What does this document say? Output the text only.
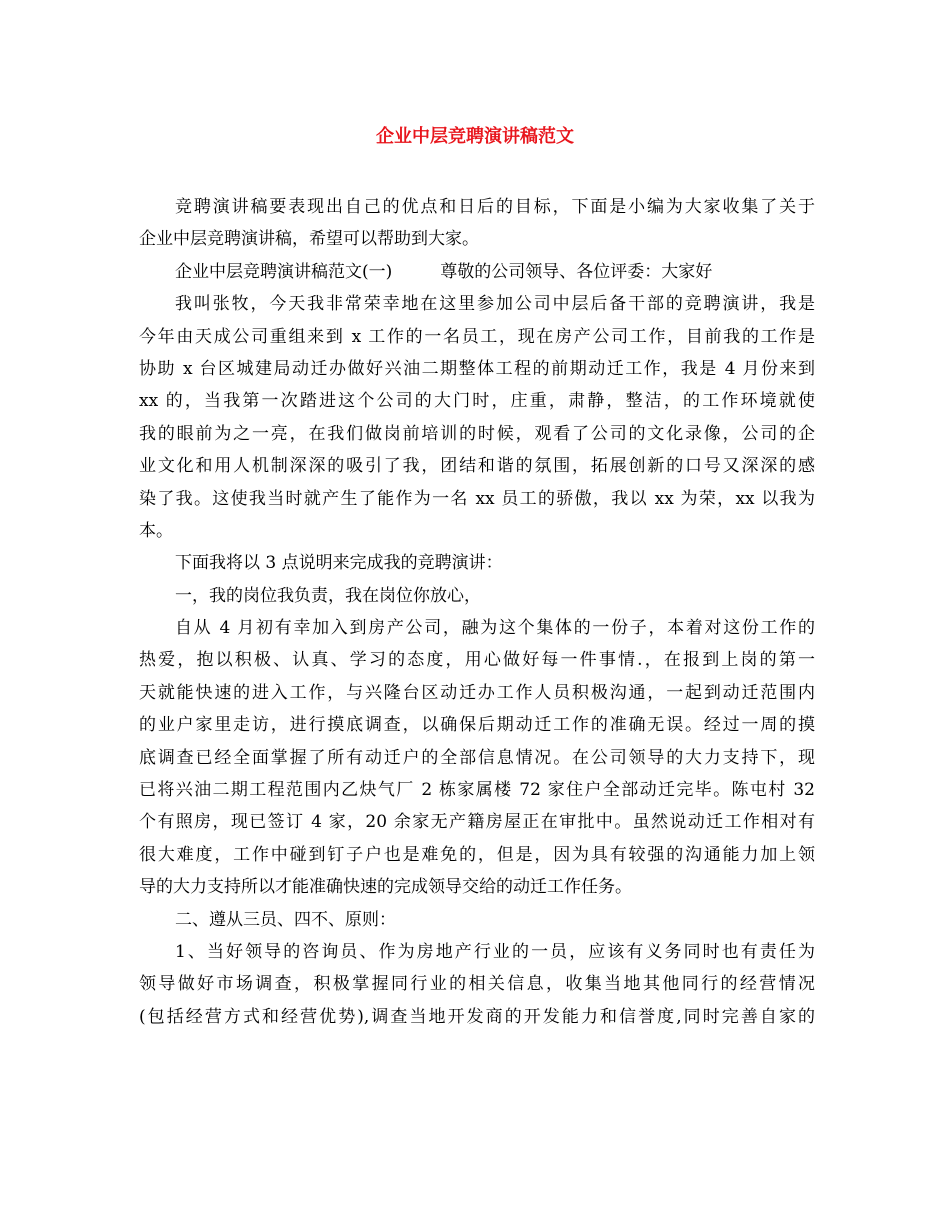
企业中层竞聘演讲稿范文
竞聘演讲稿要表现出自己的优点和日后的目标，下面是小编为大家收集了关于
企业中层竞聘演讲稿，希望可以帮助到大家。
企业中层竞聘演讲稿范文(一)	尊敬的公司领导、各位评委：大家好
我叫张牧，今天我非常荣幸地在这里参加公司中层后备干部的竞聘演讲，我是
今年由天成公司重组来到 x 工作的一名员工，现在房产公司工作，目前我的工作是
协助 x 台区城建局动迁办做好兴油二期整体工程的前期动迁工作，我是 4 月份来到
xx 的，当我第一次踏进这个公司的大门时，庄重，肃静，整洁，的工作环境就使
我的眼前为之一亮，在我们做岗前培训的时候，观看了公司的文化录像，公司的企
业文化和用人机制深深的吸引了我，团结和谐的氛围，拓展创新的口号又深深的感
染了我。这使我当时就产生了能作为一名 xx 员工的骄傲，我以 xx 为荣，xx 以我为
本。
下面我将以 3 点说明来完成我的竞聘演讲：
一，我的岗位我负责，我在岗位你放心，
自从 4 月初有幸加入到房产公司，融为这个集体的一份子，本着对这份工作的
热爱，抱以积极、认真、学习的态度，用心做好每一件事情.，在报到上岗的第一
天就能快速的进入工作，与兴隆台区动迁办工作人员积极沟通，一起到动迁范围内
的业户家里走访，进行摸底调查，以确保后期动迁工作的准确无误。经过一周的摸
底调查已经全面掌握了所有动迁户的全部信息情况。在公司领导的大力支持下，现
已将兴油二期工程范围内乙炔气厂 2 栋家属楼 72 家住户全部动迁完毕。陈屯村 32
个有照房，现已签订 4 家，20 余家无产籍房屋正在审批中。虽然说动迁工作相对有
很大难度，工作中碰到钉子户也是难免的，但是，因为具有较强的沟通能力加上领
导的大力支持所以才能准确快速的完成领导交给的动迁工作任务。
二、遵从三员、四不、原则：
1、当好领导的咨询员、作为房地产行业的一员，应该有义务同时也有责任为
领导做好市场调查，积极掌握同行业的相关信息，收集当地其他同行的经营情况
(包括经营方式和经营优势),调查当地开发商的开发能力和信誉度,同时完善自家的
